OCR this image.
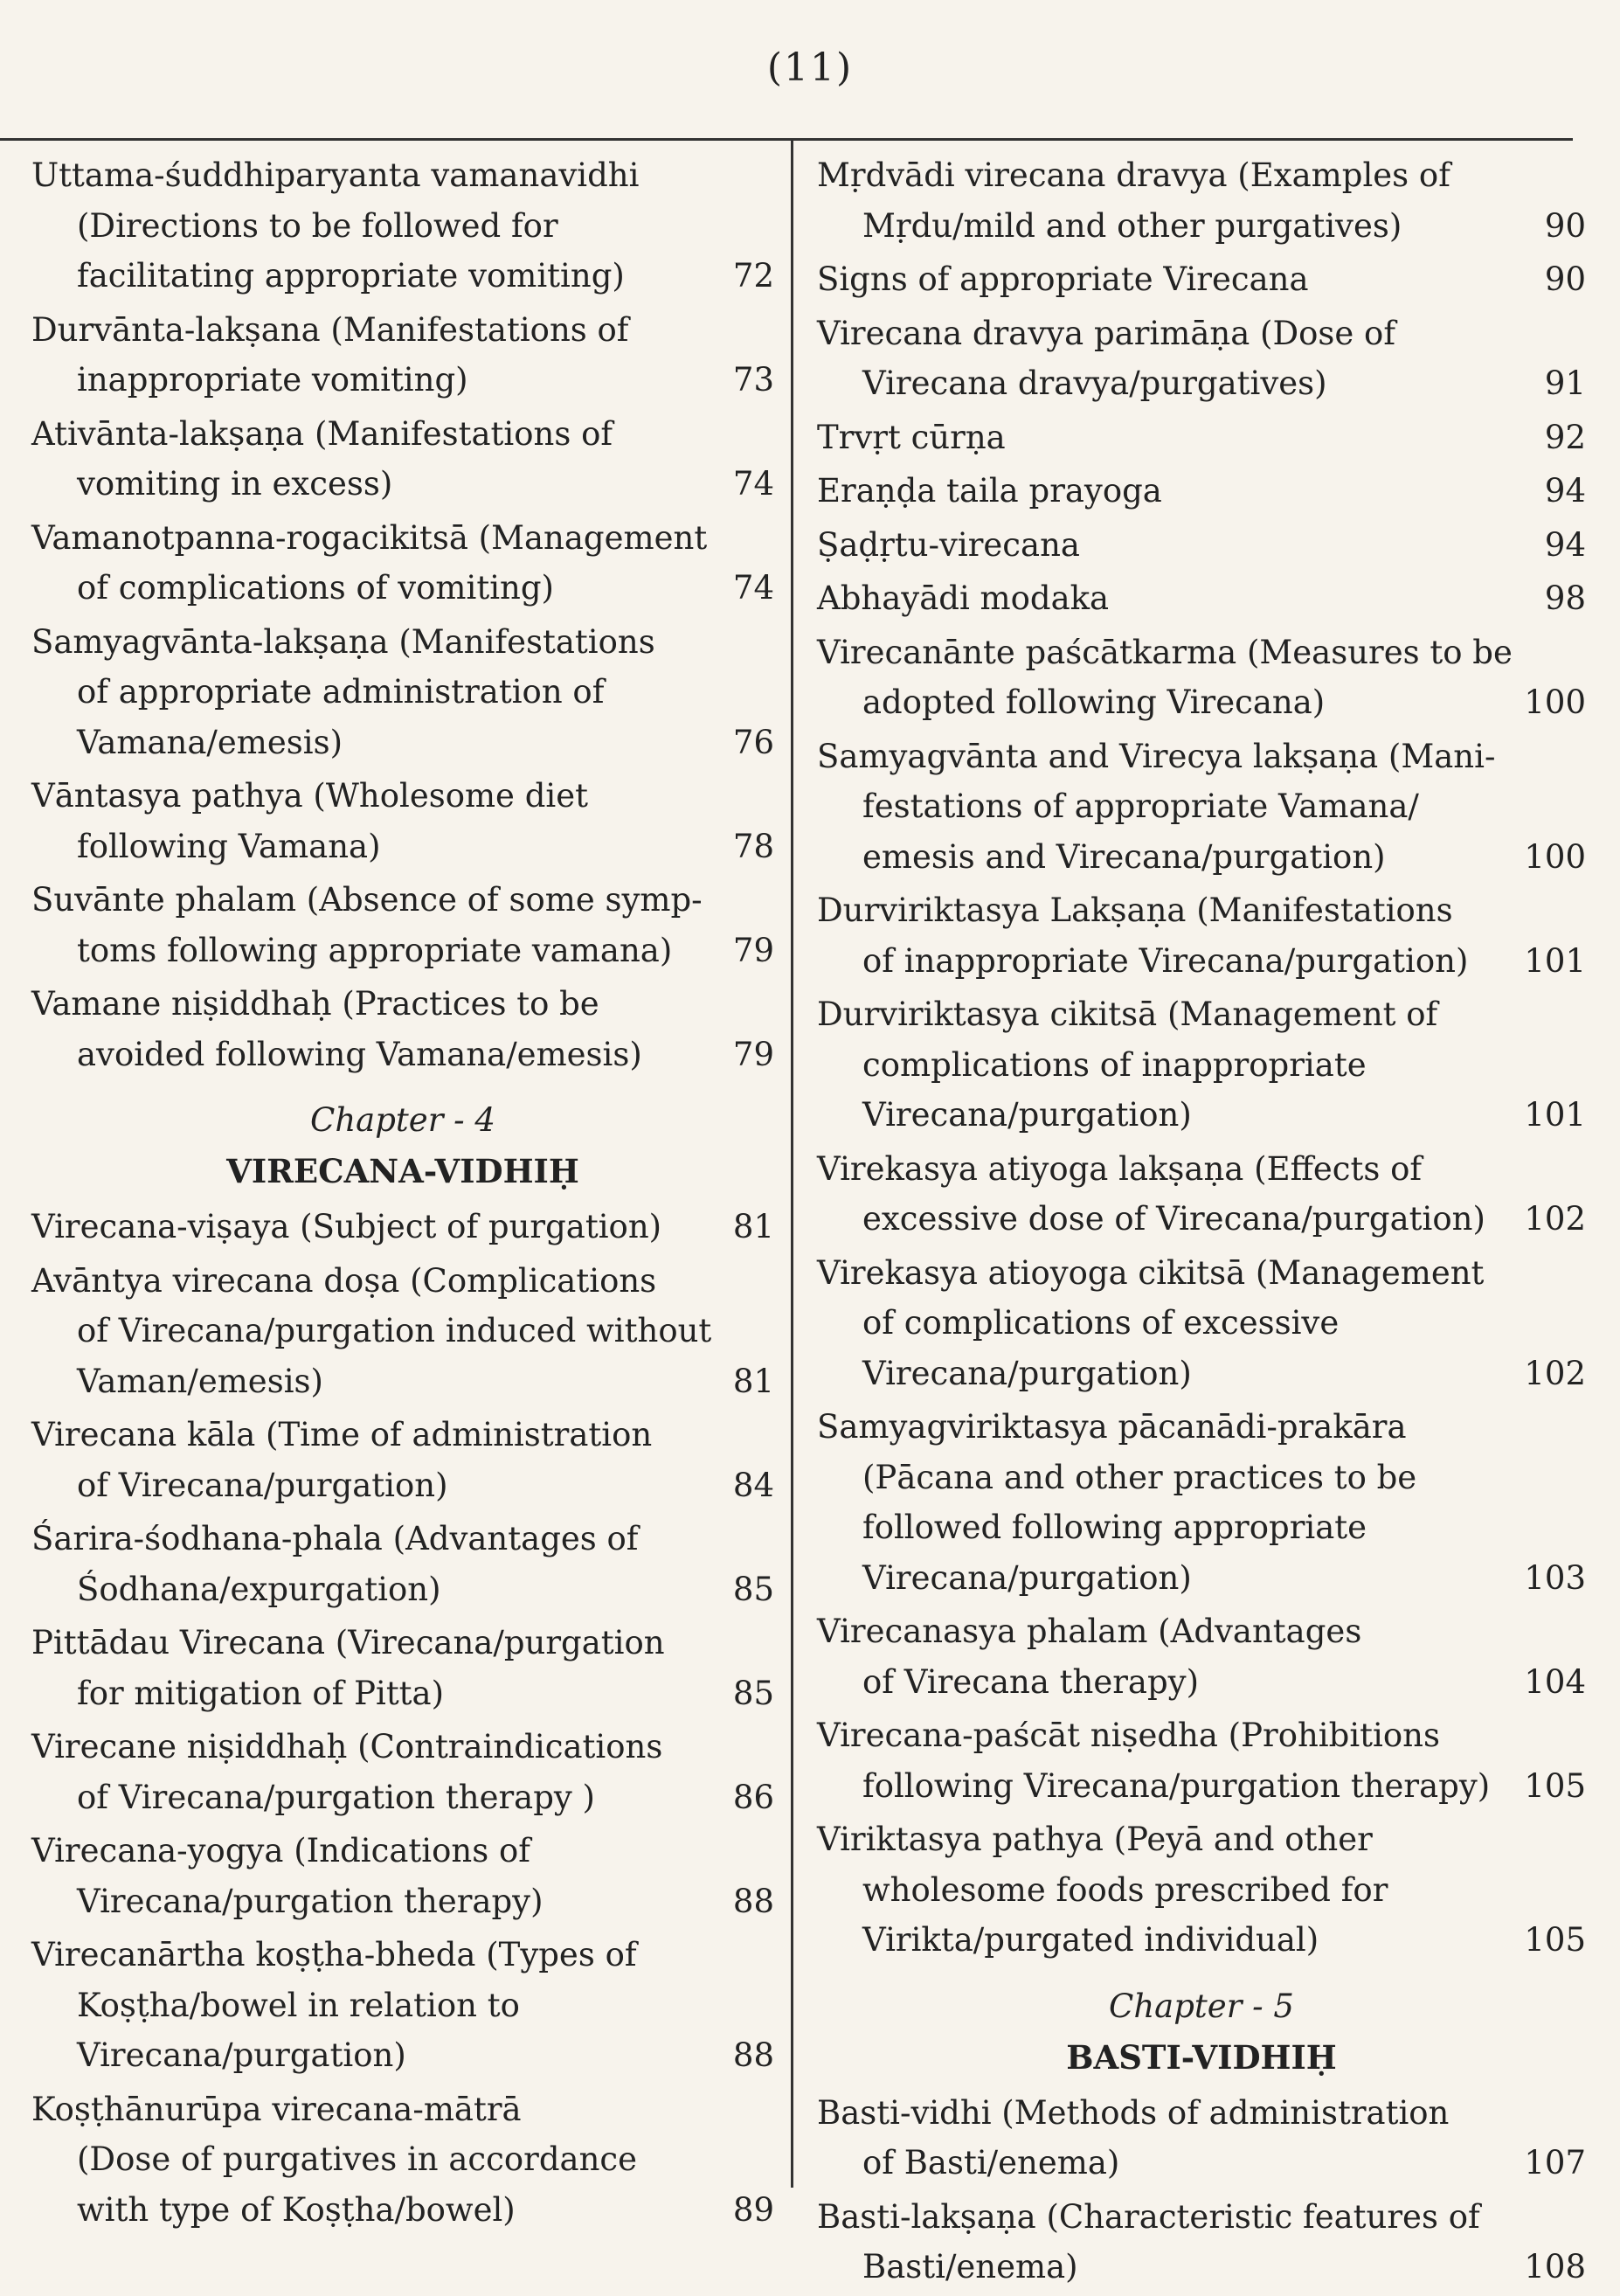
(11)
Uttama-śuddhiparyanta vamanavidhi
(Directions to be followed for
facilitating appropriate vomiting)	72
Durvānta-lakṣana (Manifestations of
inappropriate vomiting)	73
Ativānta-lakṣaṇa (Manifestations of
vomiting in excess)	74
Vamanotpanna-rogacikitsā (Management
of complications of vomiting)	74
Samyagvānta-lakṣaṇa (Manifestations
of appropriate administration of
Vamana/emesis)	76
Vāntasya pathya (Wholesome diet
following Vamana)	78
Suvānte phalam (Absence of some symp-
toms following appropriate vamana)	79
Vamane niṣiddhaḥ (Practices to be
avoided following Vamana/emesis)	79
Chapter - 4
VIRECANA-VIDHIḤ
Virecana-viṣaya (Subject of purgation)	81
Avāntya virecana doṣa (Complications
of Virecana/purgation induced without
Vaman/emesis)	81
Virecana kāla (Time of administration
of Virecana/purgation)	84
Śarira-śodhana-phala (Advantages of
Śodhana/expurgation)	85
Pittādau Virecana (Virecana/purgation
for mitigation of Pitta)	85
Virecane niṣiddhaḥ (Contraindications
of Virecana/purgation therapy )	86
Virecana-yogya (Indications of
Virecana/purgation therapy)	88
Virecanārtha koṣṭha-bheda (Types of
Koṣṭha/bowel in relation to
Virecana/purgation)	88
Koṣṭhānurūpa virecana-mātrā
(Dose of purgatives in accordance
with type of Koṣṭha/bowel)	89
Mṛdvādi virecana dravya (Examples of
Mṛdu/mild and other purgatives)	90
Signs of appropriate Virecana	90
Virecana dravya parimāṇa (Dose of
Virecana dravya/purgatives)	91
Trvṛt cūrṇa	92
Eraṇḍa taila prayoga	94
Ṣaḍṛtu-virecana	94
Abhayādi modaka	98
Virecanānte paścātkarma (Measures to be
adopted following Virecana)	100
Samyagvānta and Virecya lakṣaṇa (Mani-
festations of appropriate Vamana/
emesis and Virecana/purgation)	100
Durviriktasya Lakṣaṇa (Manifestations
of inappropriate Virecana/purgation)	101
Durviriktasya cikitsā (Management of
complications of inappropriate
Virecana/purgation)	101
Virekasya atiyoga lakṣaṇa (Effects of
excessive dose of Virecana/purgation)	102
Virekasya atioyoga cikitsā (Management
of complications of excessive
Virecana/purgation)	102
Samyagviriktasya pācanādi-prakāra
(Pācana and other practices to be
followed following appropriate
Virecana/purgation)	103
Virecanasya phalam (Advantages
of Virecana therapy)	104
Virecana-paścāt niṣedha (Prohibitions
following Virecana/purgation therapy)	105
Viriktasya pathya (Peyā and other
wholesome foods prescribed for
Virikta/purgated individual)	105
Chapter - 5
BASTI-VIDHIḤ
Basti-vidhi (Methods of administration
of Basti/enema)	107
Basti-lakṣaṇa (Characteristic features of
Basti/enema)	108
